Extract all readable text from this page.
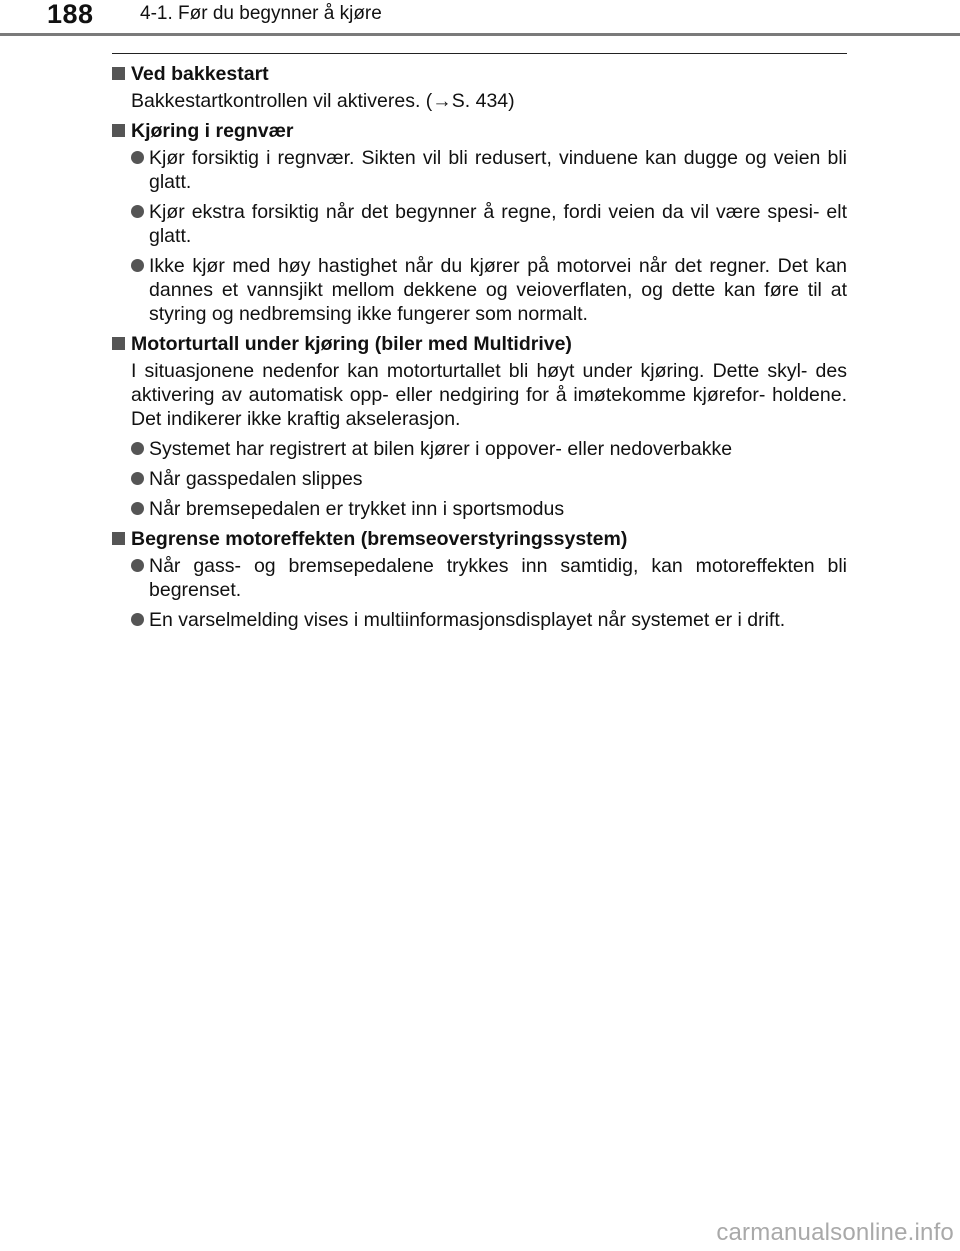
188 4-1. Før du begynner å kjøre
Ved bakkestart
Bakkestartkontrollen vil aktiveres. (→S. 434)
Kjøring i regnvær
Kjør forsiktig i regnvær. Sikten vil bli redusert, vinduene kan dugge og veien bli glatt.
Kjør ekstra forsiktig når det begynner å regne, fordi veien da vil være spesi- elt glatt.
Ikke kjør med høy hastighet når du kjører på motorvei når det regner. Det kan dannes et vannsjikt mellom dekkene og veioverflaten, og dette kan føre til at styring og nedbremsing ikke fungerer som normalt.
Motorturtall under kjøring (biler med Multidrive)
I situasjonene nedenfor kan motorturtallet bli høyt under kjøring. Dette skyl- des aktivering av automatisk opp- eller nedgiring for å imøtekomme kjørefor- holdene. Det indikerer ikke kraftig akselerasjon.
Systemet har registrert at bilen kjører i oppover- eller nedoverbakke
Når gasspedalen slippes
Når bremsepedalen er trykket inn i sportsmodus
Begrense motoreffekten (bremseoverstyringssystem)
Når gass- og bremsepedalene trykkes inn samtidig, kan motoreffekten bli begrenset.
En varselmelding vises i multiinformasjonsdisplayet når systemet er i drift.
carmanualsonline.info
